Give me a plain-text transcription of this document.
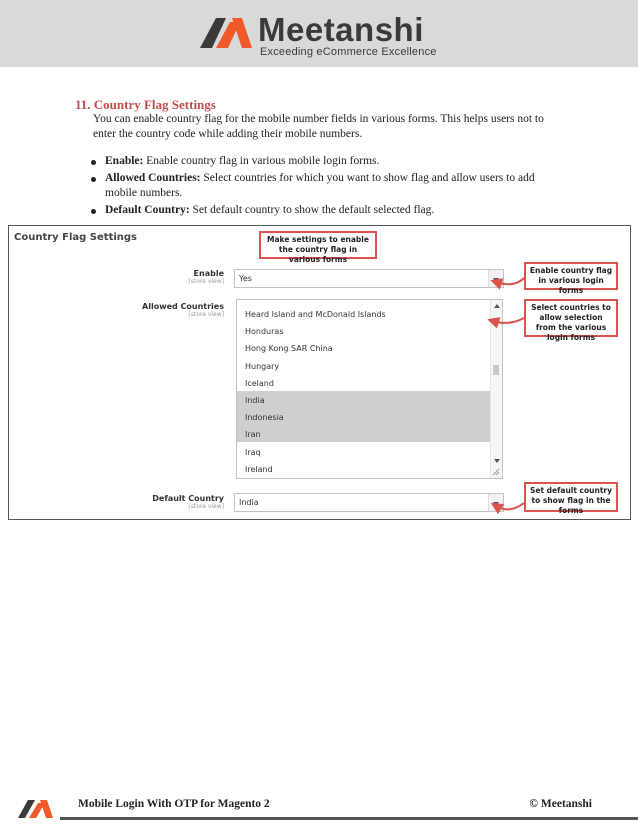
Meetanshi
Exceeding eCommerce Excellence
11. Country Flag Settings
You can enable country flag for the mobile number fields in various forms. This helps users not to enter the country code while adding their mobile numbers.
Enable: Enable country flag in various mobile login forms.
Allowed Countries: Select countries for which you want to show flag and allow users to add mobile numbers.
Default Country: Set default country to show the default selected flag.
Country Flag Settings
Enable
[store view] Yes
Allowed Countries
[store view]	Heard Island and McDonald Islands
Honduras
Hong Kong SAR China
Hungary
Iceland
India
Indonesia
Iran
Iraq
Ireland
Default Country
[store view] India
Make settings to enable the country flag in various forms
Enable country flag in various login forms
Select countries to allow selection from the various login forms
Set default country to show flag in the forms
Mobile Login With OTP for Magento 2	© Meetanshi
